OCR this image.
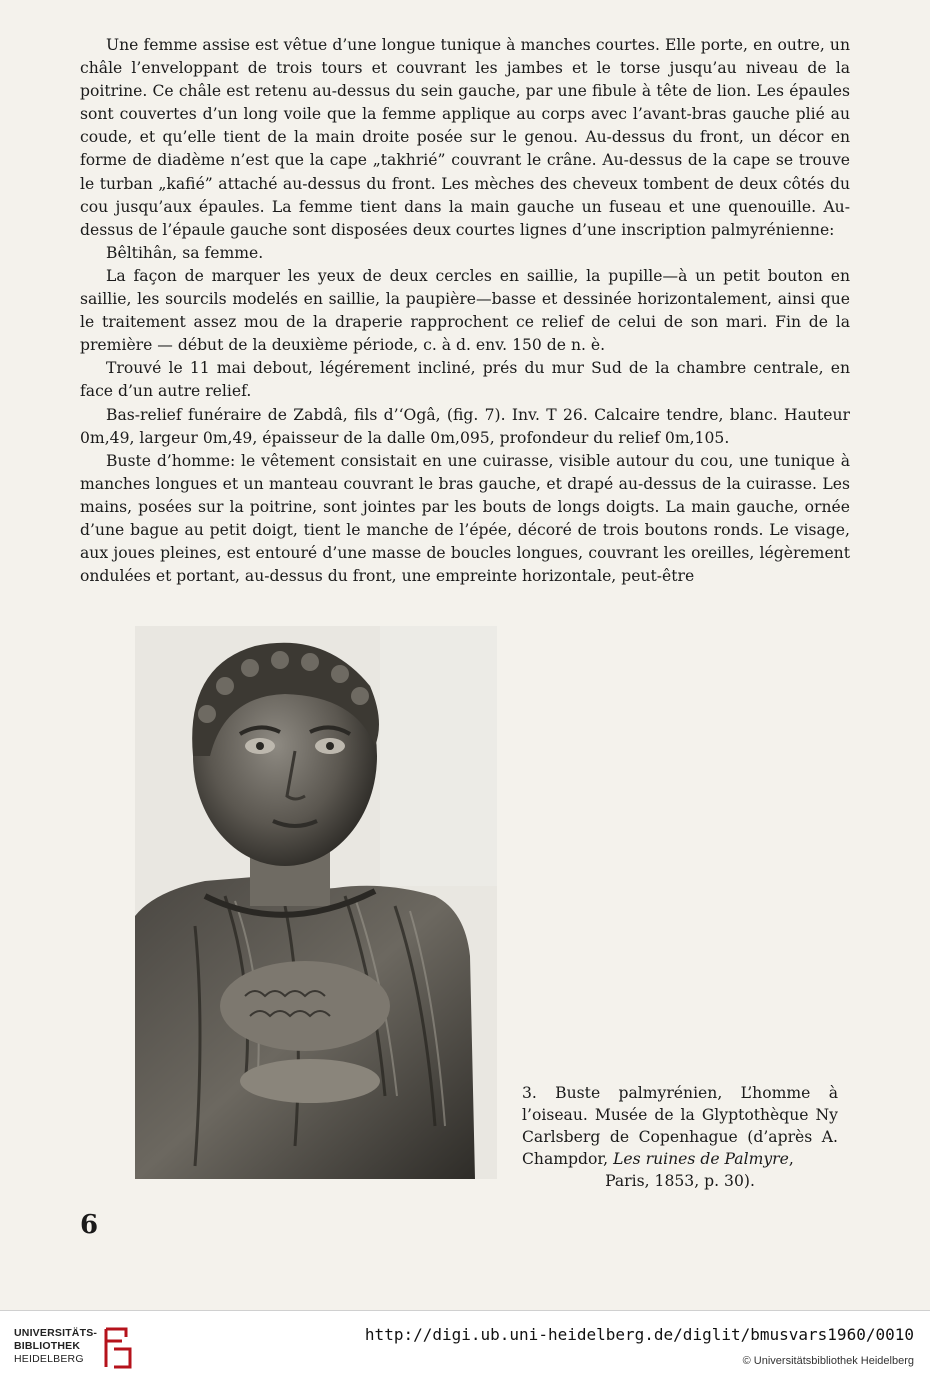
Une femme assise est vêtue d’une longue tunique à manches courtes. Elle porte, en outre, un châle l’enveloppant de trois tours et couvrant les jambes et le torse jusqu’au niveau de la poitrine. Ce châle est retenu au-dessus du sein gauche, par une fibule à tête de lion. Les épaules sont couvertes d’un long voile que la femme applique au corps avec l’avant-bras gauche plié au coude, et qu’elle tient de la main droite posée sur le genou. Au-dessus du front, un décor en forme de diadème n’est que la cape „takhrié” couvrant le crâne. Au-dessus de la cape se trouve le turban „kafié” attaché au-dessus du front. Les mèches des cheveux tombent de deux côtés du cou jusqu’aux épaules. La femme tient dans la main gauche un fuseau et une quenouille. Au-dessus de l’épaule gauche sont disposées deux courtes lignes d’une inscription palmyrénienne:

Bêltihân, sa femme.

La façon de marquer les yeux de deux cercles en saillie, la pupille—à un petit bouton en saillie, les sourcils modelés en saillie, la paupière—basse et dessinée horizontalement, ainsi que le traitement assez mou de la draperie rapprochent ce relief de celui de son mari. Fin de la première — début de la deuxième période, c. à d. env. 150 de n. è.

Trouvé le 11 mai debout, légérement incliné, prés du mur Sud de la chambre centrale, en face d’un autre relief.

Bas-relief funéraire de Zabdâ, fils d’‘Ogâ, (fig. 7). Inv. T 26. Calcaire tendre, blanc. Hauteur 0m,49, largeur 0m,49, épaisseur de la dalle 0m,095, profondeur du relief 0m,105.

Buste d’homme: le vêtement consistait en une cuirasse, visible autour du cou, une tunique à manches longues et un manteau couvrant le bras gauche, et drapé au-dessus de la cuirasse. Les mains, posées sur la poitrine, sont jointes par les bouts de longs doigts. La main gauche, ornée d’une bague au petit doigt, tient le manche de l’épée, décoré de trois boutons ronds. Le visage, aux joues pleines, est entouré d’une masse de boucles longues, couvrant les oreilles, légèrement ondulées et portant, au-dessus du front, une empreinte horizontale, peut-être

3. Buste palmyrénien, L’homme à l’oiseau. Musée de la Glyptothèque Ny Carlsberg de Copenhague (d’après A. Champdor, Les ruines de Palmyre,
Paris, 1853, p. 30).
6
UNIVERSITÄTS-
BIBLIOTHEK
HEIDELBERG
http://digi.ub.uni-heidelberg.de/diglit/bmusvars1960/0010
© Universitätsbibliothek Heidelberg
